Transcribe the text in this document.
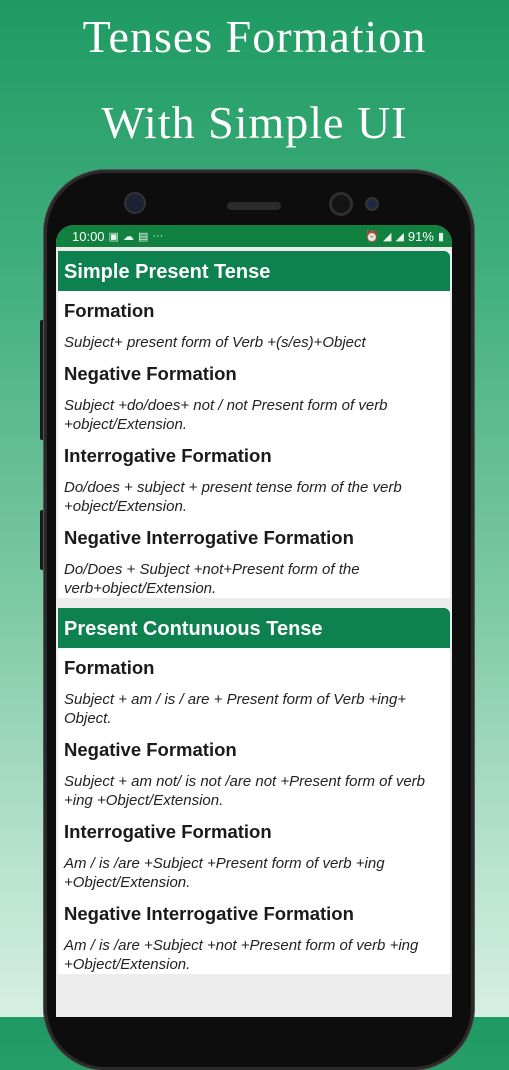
Tenses Formation
With Simple UI
10:00 ▣ ☁ ▤ ···	⏰ ◢ ◢ 91% ▮
Simple Present Tense
Formation
Subject+ present form of Verb +(s/es)+Object
Negative Formation
Subject +do/does+ not / not Present form of verb +object/Extension.
Interrogative Formation
Do/does + subject + present tense form of the verb +object/Extension.
Negative Interrogative Formation
Do/Does + Subject +not+Present form of the verb+object/Extension.
Present Contunuous Tense
Formation
Subject + am / is / are + Present form of Verb +ing+ Object.
Negative Formation
Subject + am not/ is not /are not +Present form of verb +ing +Object/Extension.
Interrogative Formation
Am / is /are +Subject +Present form of verb +ing +Object/Extension.
Negative Interrogative Formation
Am / is /are +Subject +not +Present form of verb +ing +Object/Extension.
